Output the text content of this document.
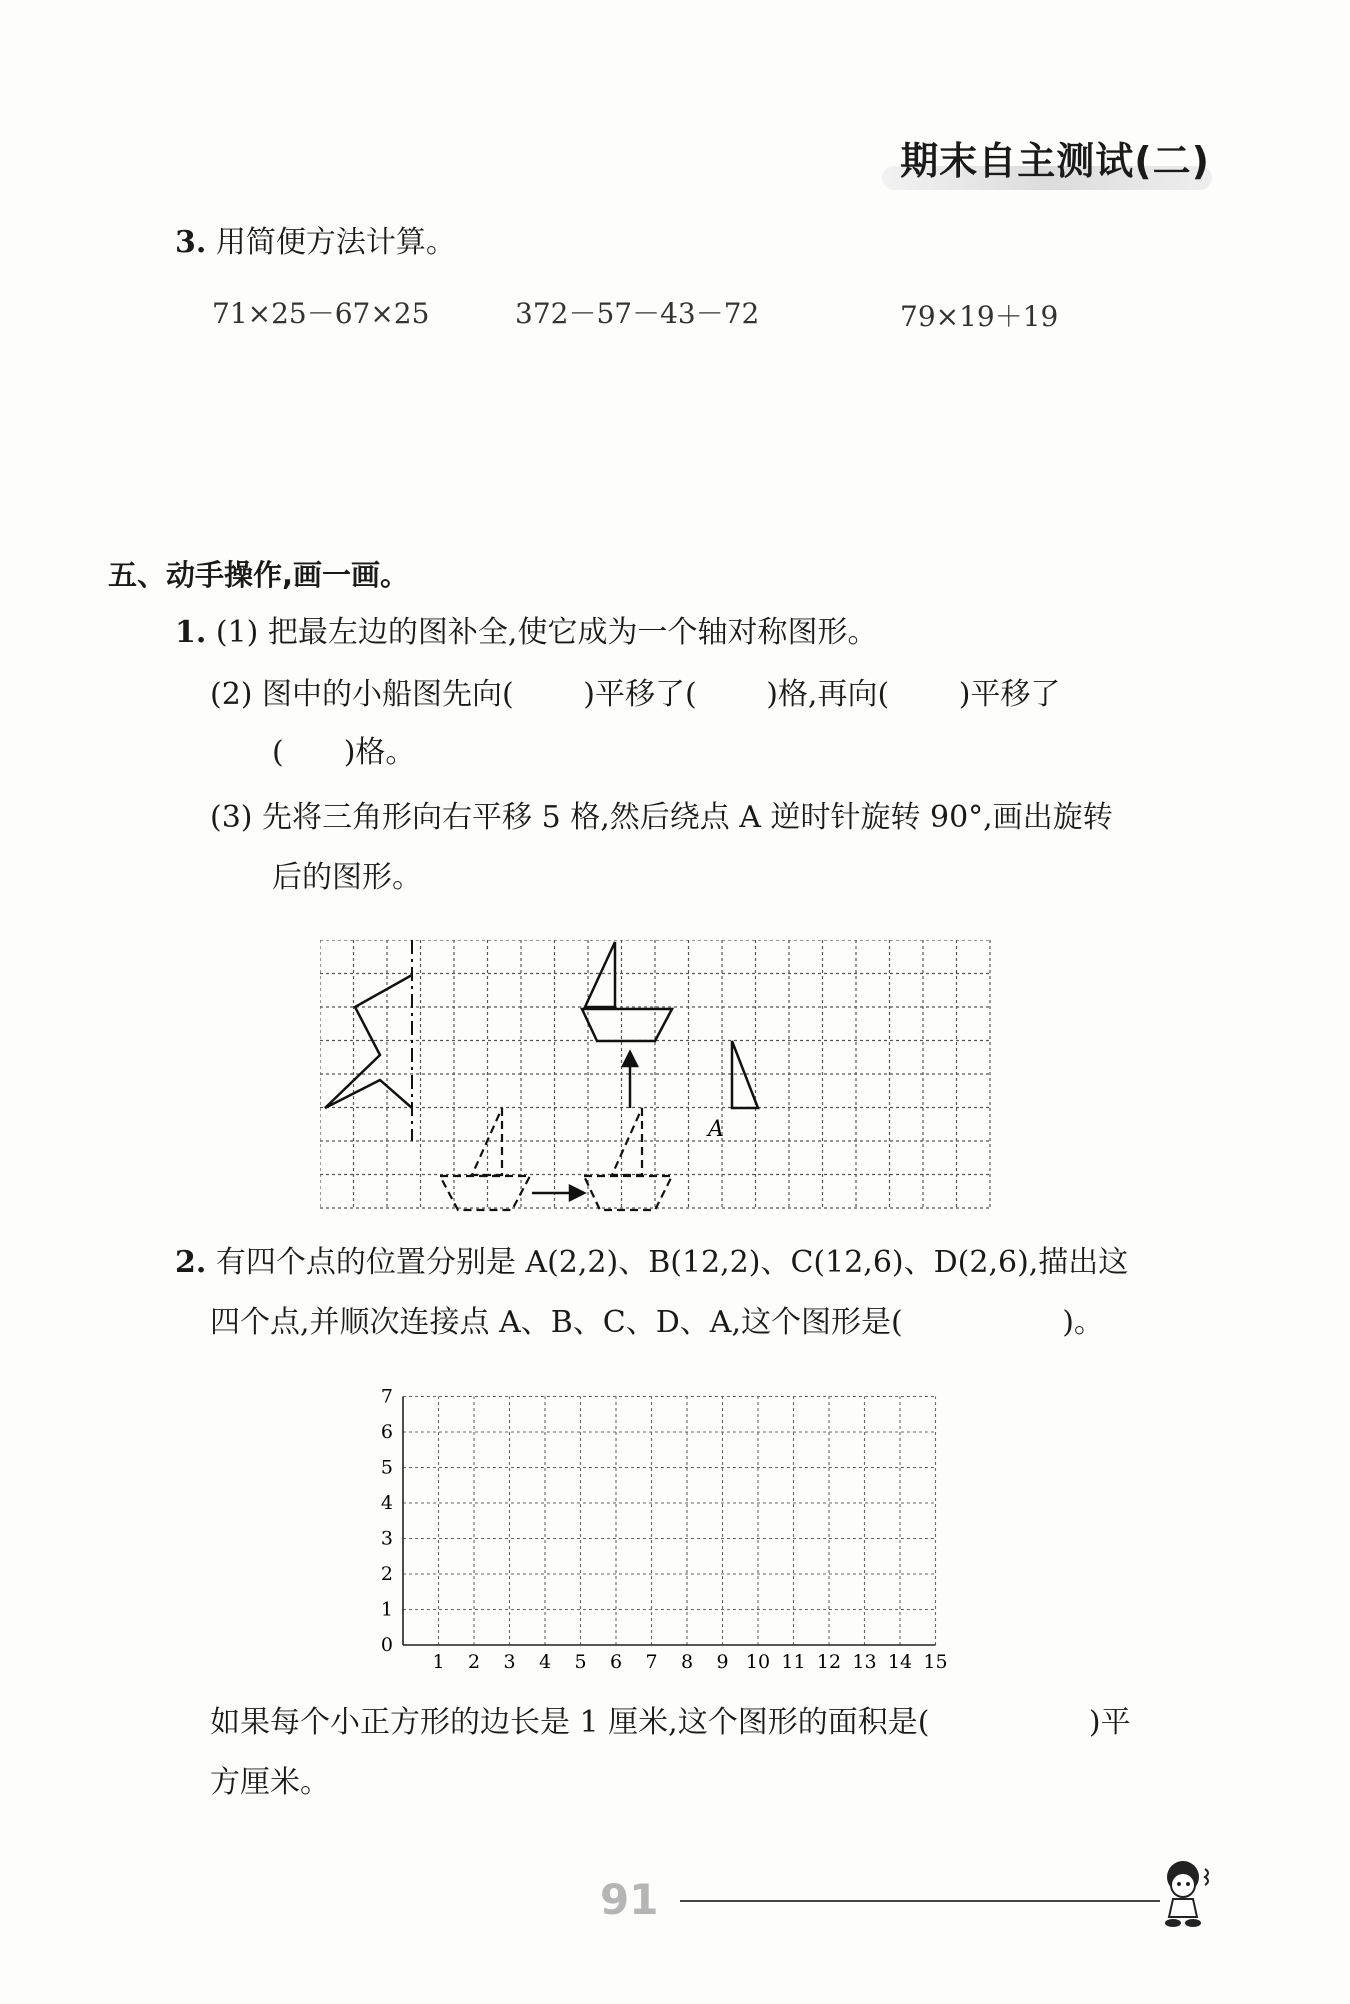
期末自主测试(二)
3. 用简便方法计算。
71×25－67×25	372－57－43－72	79×19＋19
五、动手操作,画一画。
1. (1) 把最左边的图补全,使它成为一个轴对称图形。
(2) 图中的小船图先向(　　 )平移了(　　 )格,再向(　　 )平移了
(　　)格。
(3) 先将三角形向右平移 5 格,然后绕点 A 逆时针旋转 90°,画出旋转
后的图形。
A
2. 有四个点的位置分别是 A(2,2)、B(12,2)、C(12,6)、D(2,6),描出这
四个点,并顺次连接点 A、B、C、D、A,这个图形是(　　　　　 )。
1 2 3 4 5 6 7 8 9 10 11 12 13 14 15
0
1
2
3
4
5
6
7
如果每个小正方形的边长是 1 厘米,这个图形的面积是(　　　　　 )平
方厘米。
91
